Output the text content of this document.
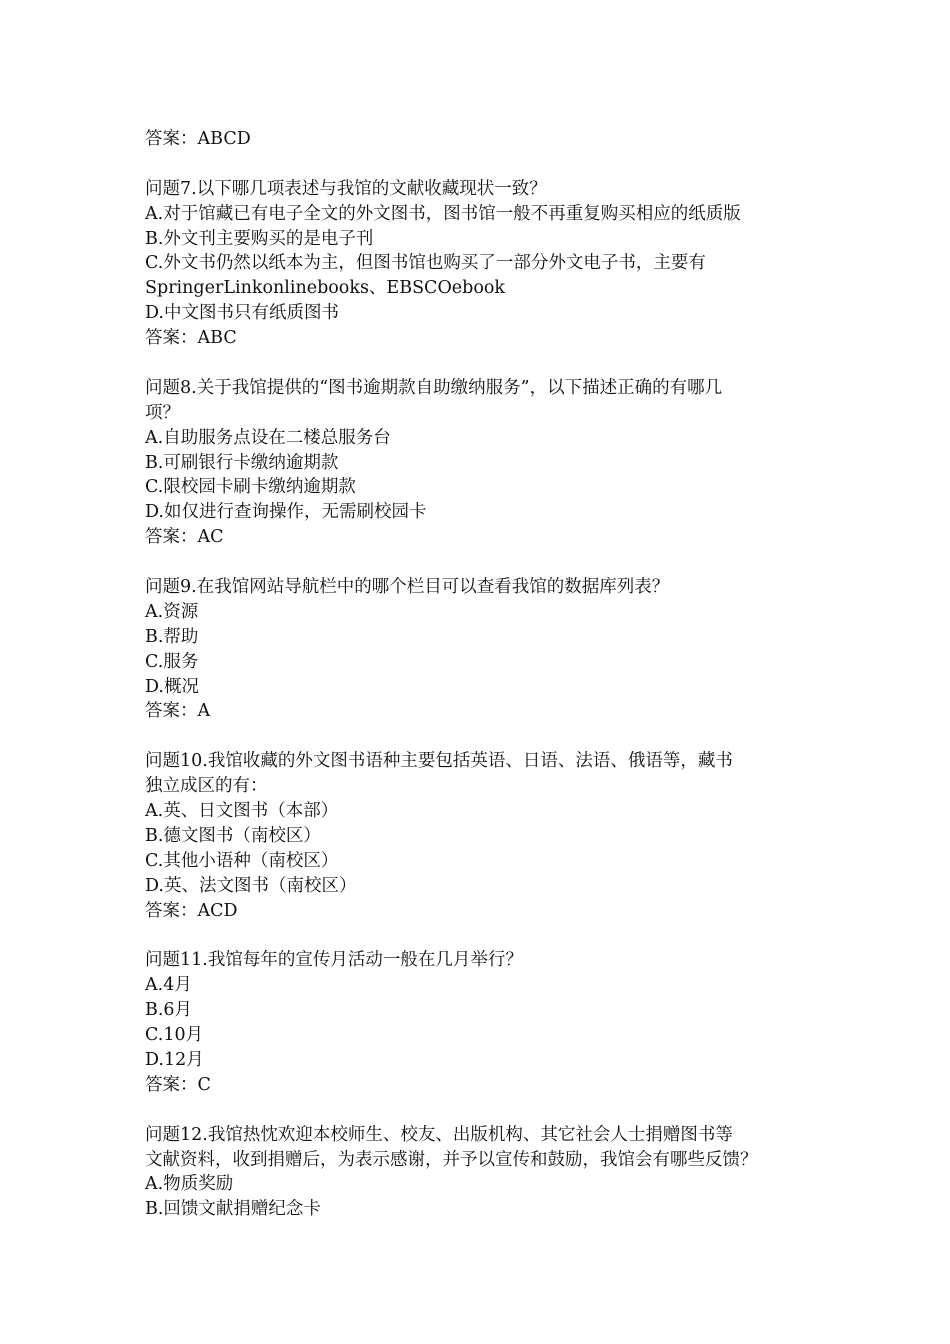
答案：ABCD
问题7.以下哪几项表述与我馆的文献收藏现状一致？
A.对于馆藏已有电子全文的外文图书，图书馆一般不再重复购买相应的纸质版
B.外文刊主要购买的是电子刊
C.外文书仍然以纸本为主，但图书馆也购买了一部分外文电子书，主要有
SpringerLinkonlinebooks、EBSCOebook
D.中文图书只有纸质图书
答案：ABC
问题8.关于我馆提供的“图书逾期款自助缴纳服务”，以下描述正确的有哪几
项？
A.自助服务点设在二楼总服务台
B.可刷银行卡缴纳逾期款
C.限校园卡刷卡缴纳逾期款
D.如仅进行查询操作，无需刷校园卡
答案：AC
问题9.在我馆网站导航栏中的哪个栏目可以查看我馆的数据库列表？
A.资源
B.帮助
C.服务
D.概况
答案：A
问题10.我馆收藏的外文图书语种主要包括英语、日语、法语、俄语等，藏书
独立成区的有：
A.英、日文图书（本部）
B.德文图书（南校区）
C.其他小语种（南校区）
D.英、法文图书（南校区）
答案：ACD
问题11.我馆每年的宣传月活动一般在几月举行？
A.4月
B.6月
C.10月
D.12月
答案：C
问题12.我馆热忱欢迎本校师生、校友、出版机构、其它社会人士捐赠图书等
文献资料，收到捐赠后，为表示感谢，并予以宣传和鼓励，我馆会有哪些反馈？
A.物质奖励
B.回馈文献捐赠纪念卡
